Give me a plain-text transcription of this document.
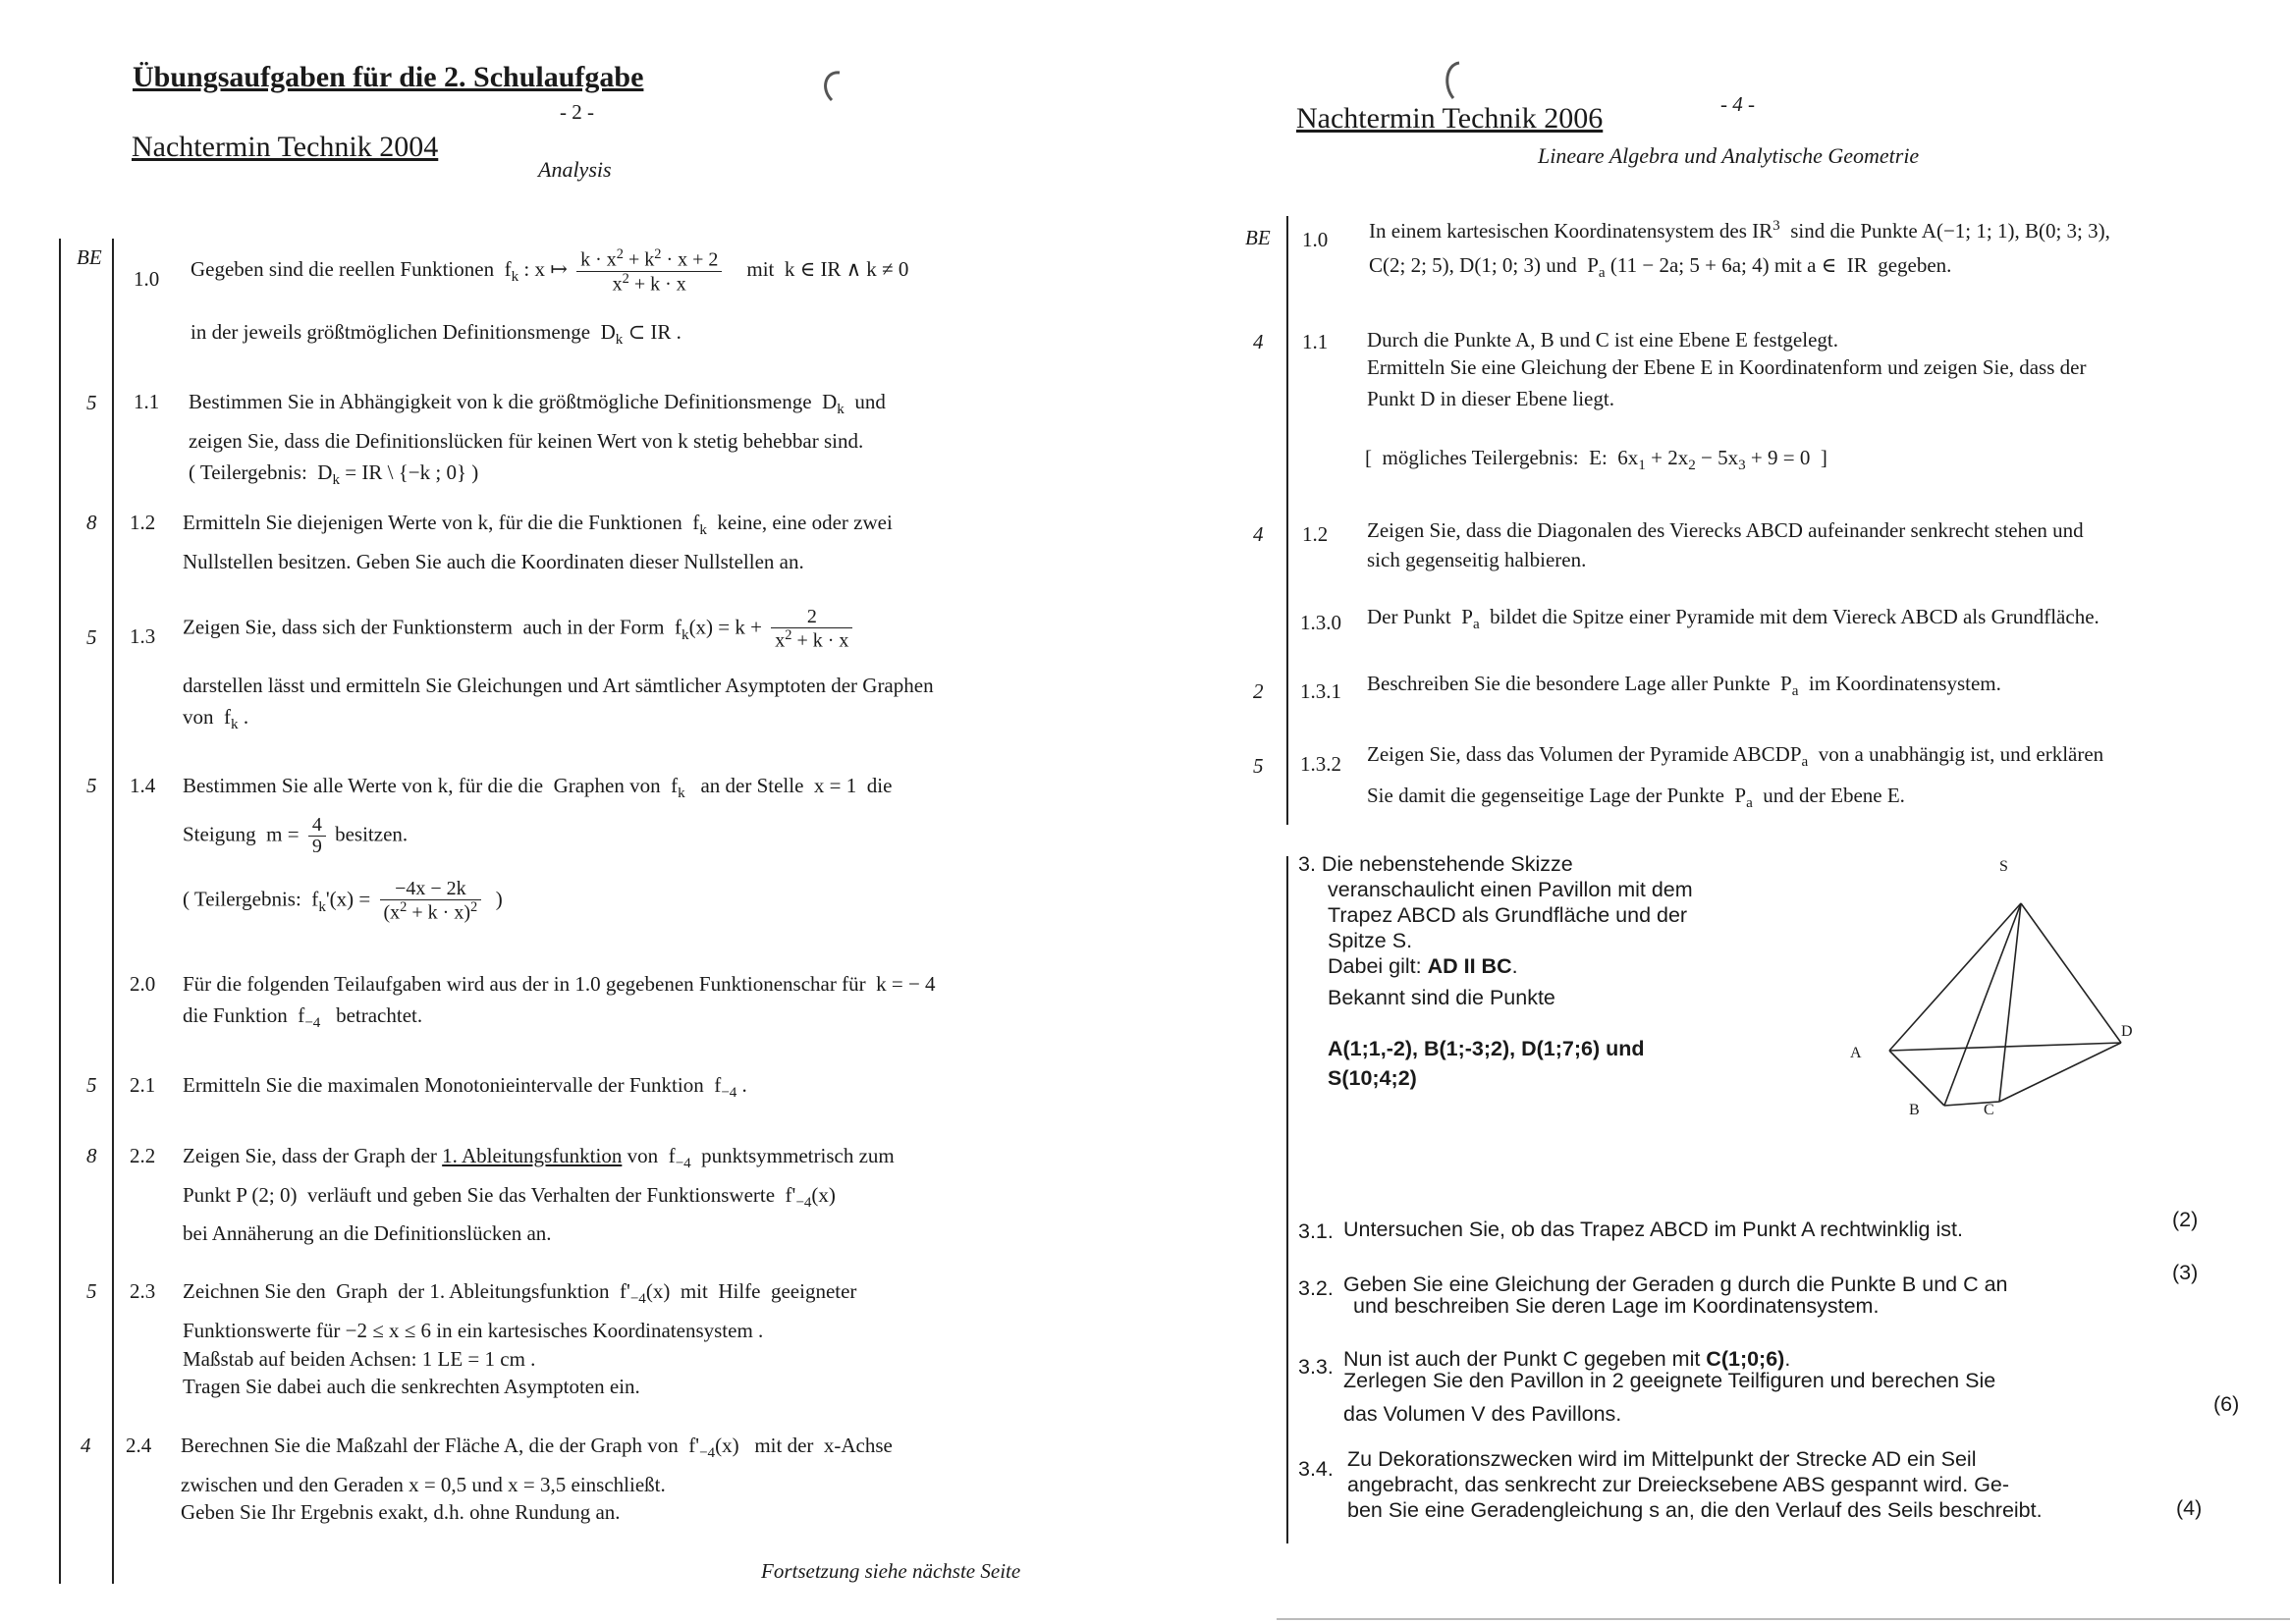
Übungsaufgaben für die 2. Schulaufgabe
- 2 -
Nachtermin Technik 2004
Analysis
BE
1.0 Gegeben sind die reellen Funktionen  $f_k$ : x ↦ $\frac{k \cdot x^2 + k^2 \cdot x + 2}{x^2 + k \cdot x}$ mit  k ∈ IR ∧ k ≠ 0
in der jeweils größtmöglichen Definitionsmenge  $D_k$ ⊂ IR .
5 1.1 Bestimmen Sie in Abhängigkeit von k die größtmögliche Definitionsmenge  $D_k$  und
zeigen Sie, dass die Definitionslücken für keinen Wert von k stetig behebbar sind.
( Teilergebnis:  $D_k$ = IR \ {−k ; 0} )
8 1.2 Ermitteln Sie diejenigen Werte von k, für die die Funktionen  $f_k$  keine, eine oder zwei
Nullstellen besitzen. Geben Sie auch die Koordinaten dieser Nullstellen an.
5 1.3 Zeigen Sie, dass sich der Funktionsterm  auch in der Form  $f_k(x) = k + \frac{2}{x^2 + k \cdot x}$
darstellen lässt und ermitteln Sie Gleichungen und Art sämtlicher Asymptoten der Graphen
von  $f_k$ .
5 1.4 Bestimmen Sie alle Werte von k, für die die  Graphen von  $f_k$   an der Stelle  x = 1  die
Steigung  $m = \frac{4}{9}$ besitzen.
( Teilergebnis:  $f_k'(x) = \frac{-4x - 2k}{(x^2 + k \cdot x)^2}$ )
2.0 Für die folgenden Teilaufgaben wird aus der in 1.0 gegebenen Funktionenschar für  k = − 4
die Funktion  $f_{-4}$   betrachtet.
5 2.1 Ermitteln Sie die maximalen Monotonieintervalle der Funktion  $f_{-4}$ .
8 2.2 Zeigen Sie, dass der Graph der 1. Ableitungsfunktion von  $f_{-4}$  punktsymmetrisch zum
Punkt P (2; 0)  verläuft und geben Sie das Verhalten der Funktionswerte  $f'_{-4}(x)$
bei Annäherung an die Definitionslücken an.
5 2.3 Zeichnen Sie den  Graph  der 1. Ableitungsfunktion  $f'_{-4}(x)$  mit  Hilfe  geeigneter
Funktionswerte für −2 ≤ x ≤ 6 in ein kartesisches Koordinatensystem .
Maßstab auf beiden Achsen: 1 LE = 1 cm .
Tragen Sie dabei auch die senkrechten Asymptoten ein.
4 2.4 Berechnen Sie die Maßzahl der Fläche A, die der Graph von  $f'_{-4}(x)$   mit der  x-Achse
zwischen und den Geraden x = 0,5 und x = 3,5 einschließt.
Geben Sie Ihr Ergebnis exakt, d.h. ohne Rundung an.
Fortsetzung siehe nächste Seite
- 4 -
Nachtermin Technik 2006
Lineare Algebra und Analytische Geometrie
BE 1.0 In einem kartesischen Koordinatensystem des $IR^3$  sind die Punkte A(−1; 1; 1), B(0; 3; 3),
C(2; 2; 5), D(1; 0; 3) und  $P_a$ (11 − 2a; 5 + 6a; 4) mit a ∈  IR  gegeben.
4 1.1 Durch die Punkte A, B und C ist eine Ebene E festgelegt.
Ermitteln Sie eine Gleichung der Ebene E in Koordinatenform und zeigen Sie, dass der
Punkt D in dieser Ebene liegt.
[  mögliches Teilergebnis:  E:  $6x_1 + 2x_2 - 5x_3 + 9 = 0$  ]
4 1.2 Zeigen Sie, dass die Diagonalen des Vierecks ABCD aufeinander senkrecht stehen und
sich gegenseitig halbieren.
1.3.0 Der Punkt  $P_a$  bildet die Spitze einer Pyramide mit dem Viereck ABCD als Grundfläche.
2 1.3.1 Beschreiben Sie die besondere Lage aller Punkte  $P_a$  im Koordinatensystem.
5 1.3.2 Zeigen Sie, dass das Volumen der Pyramide $ABCDP_a$  von a unabhängig ist, und erklären
Sie damit die gegenseitige Lage der Punkte  $P_a$  und der Ebene E.
3. Die nebenstehende Skizze
veranschaulicht einen Pavillon mit dem
Trapez ABCD als Grundfläche und der
Spitze S.
Dabei gilt: AD II BC.
Bekannt sind die Punkte
A(1;1,-2), B(1;-3;2), D(1;7;6) und
S(10;4;2)
S
A
B	C
D
3.1. Untersuchen Sie, ob das Trapez ABCD im Punkt A rechtwinklig ist.	(2)
3.2. Geben Sie eine Gleichung der Geraden g durch die Punkte B und C an
und beschreiben Sie deren Lage im Koordinatensystem.
(3)
3.3. Nun ist auch der Punkt C gegeben mit C(1;0;6).
Zerlegen Sie den Pavillon in 2 geeignete Teilfiguren und berechen Sie
das Volumen V des Pavillons.	(6)
3.4. Zu Dekorationszwecken wird im Mittelpunkt der Strecke AD ein Seil
angebracht, das senkrecht zur Dreiecksebene ABS gespannt wird. Ge-
ben Sie eine Geradengleichung s an, die den Verlauf des Seils beschreibt.	(4)
